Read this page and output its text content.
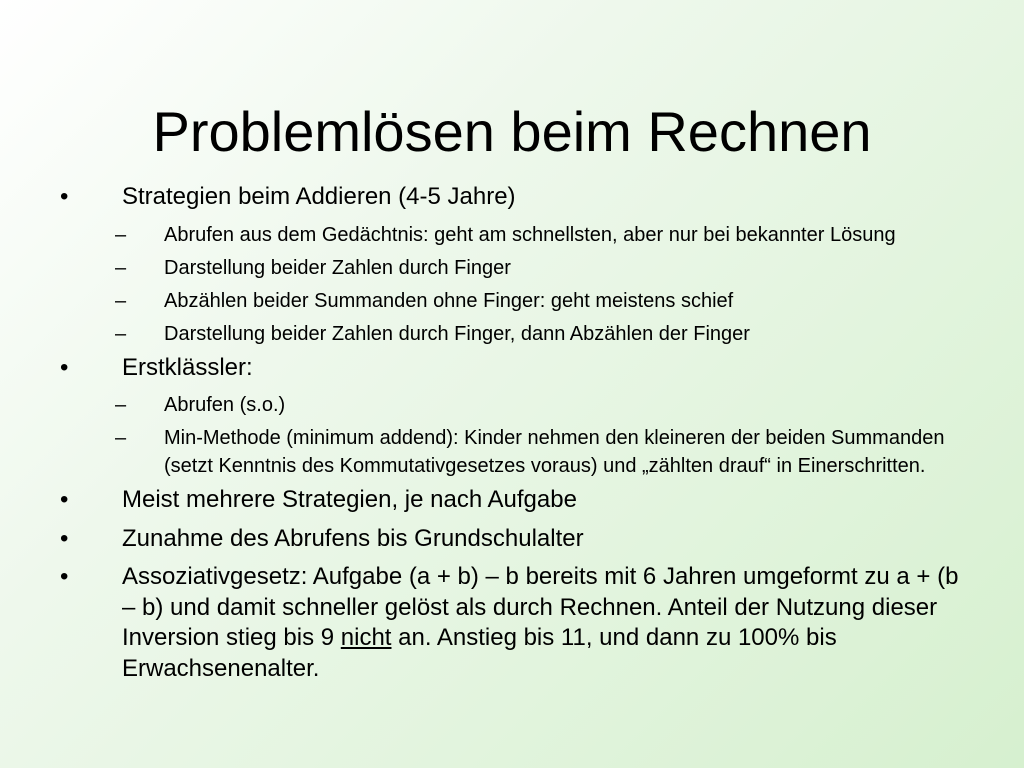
Problemlösen beim Rechnen
• Strategien beim Addieren (4-5 Jahre)
– Abrufen aus dem Gedächtnis: geht am schnellsten, aber nur bei bekannter Lösung
– Darstellung beider Zahlen durch Finger
– Abzählen beider Summanden ohne Finger: geht meistens schief
– Darstellung beider Zahlen durch Finger, dann Abzählen der Finger
• Erstklässler:
– Abrufen (s.o.)
– Min-Methode (minimum addend): Kinder nehmen den kleineren der beiden Summanden (setzt Kenntnis des Kommutativgesetzes voraus) und „zählten drauf“ in Einerschritten.
• Meist mehrere Strategien, je nach Aufgabe
• Zunahme des Abrufens bis Grundschulalter
• Assoziativgesetz: Aufgabe (a + b) – b bereits mit 6 Jahren umgeformt zu a + (b – b) und damit schneller gelöst als durch Rechnen. Anteil der Nutzung dieser Inversion stieg bis 9 nicht an. Anstieg bis 11, und dann zu 100% bis Erwachsenenalter.
